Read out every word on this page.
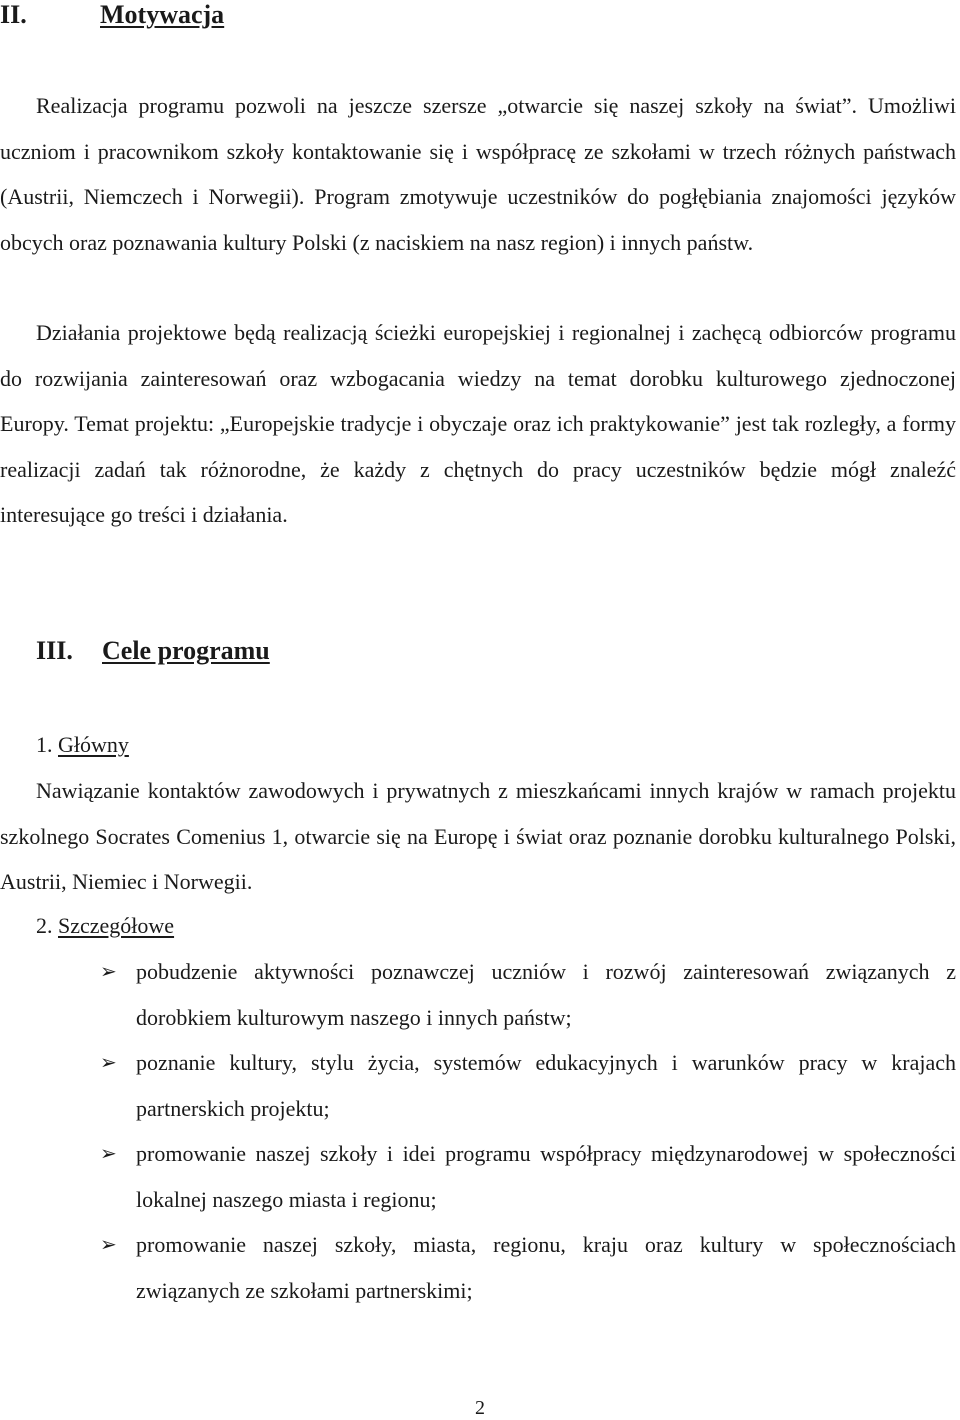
II.	Motywacja

Realizacja programu pozwoli na jeszcze szersze „otwarcie się naszej szkoły na świat”. Umożliwi uczniom i pracownikom szkoły kontaktowanie się i współpracę ze szkołami w trzech różnych państwach (Austrii, Niemczech i Norwegii). Program zmotywuje uczestników do pogłębiania znajomości języków obcych oraz poznawania kultury Polski (z naciskiem na nasz region) i innych państw.

Działania projektowe będą realizacją ścieżki europejskiej i regionalnej i zachęcą odbiorców programu do rozwijania zainteresowań oraz wzbogacania wiedzy na temat dorobku kulturowego zjednoczonej Europy. Temat projektu: „Europejskie tradycje i obyczaje oraz ich praktykowanie” jest tak rozległy, a formy realizacji zadań tak różnorodne, że każdy z chętnych do pracy uczestników będzie mógł znaleźć interesujące go treści i działania.

III. Cele programu
1. Główny

Nawiązanie kontaktów zawodowych i prywatnych z mieszkańcami innych krajów w ramach projektu szkolnego Socrates Comenius 1, otwarcie się na Europę i świat oraz poznanie dorobku kulturalnego Polski, Austrii, Niemiec i Norwegii.

2. Szczegółowe
➢ pobudzenie aktywności poznawczej uczniów i rozwój zainteresowań związanych z dorobkiem kulturowym naszego i innych państw;
➢ poznanie kultury, stylu życia, systemów edukacyjnych i warunków pracy w krajach partnerskich projektu;
➢ promowanie naszej szkoły i idei programu współpracy międzynarodowej w społeczności lokalnej naszego miasta i regionu;
➢ promowanie naszej szkoły, miasta, regionu, kraju oraz kultury w społecznościach związanych ze szkołami partnerskimi;
2
